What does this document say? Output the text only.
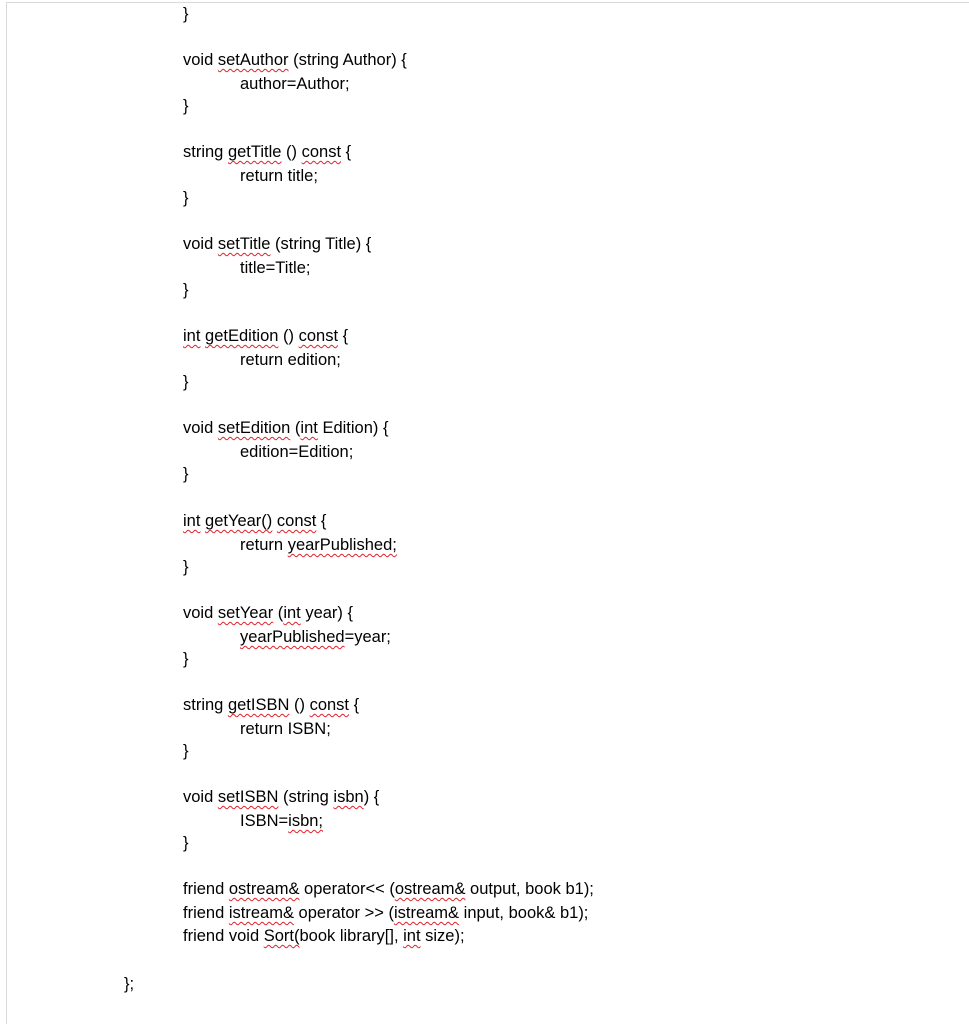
}
void setAuthor (string Author) {
author=Author;
}
string getTitle () const {
return title;
}
void setTitle (string Title) {
title=Title;
}
int getEdition () const {
return edition;
}
void setEdition (int Edition) {
edition=Edition;
}
int getYear() const {
return yearPublished;
}
void setYear (int year) {
yearPublished=year;
}
string getISBN () const {
return ISBN;
}
void setISBN (string isbn) {
ISBN=isbn;
}
friend ostream& operator<< (ostream& output, book b1);
friend istream& operator >> (istream& input, book& b1);
friend void Sort(book library[], int size);
};
